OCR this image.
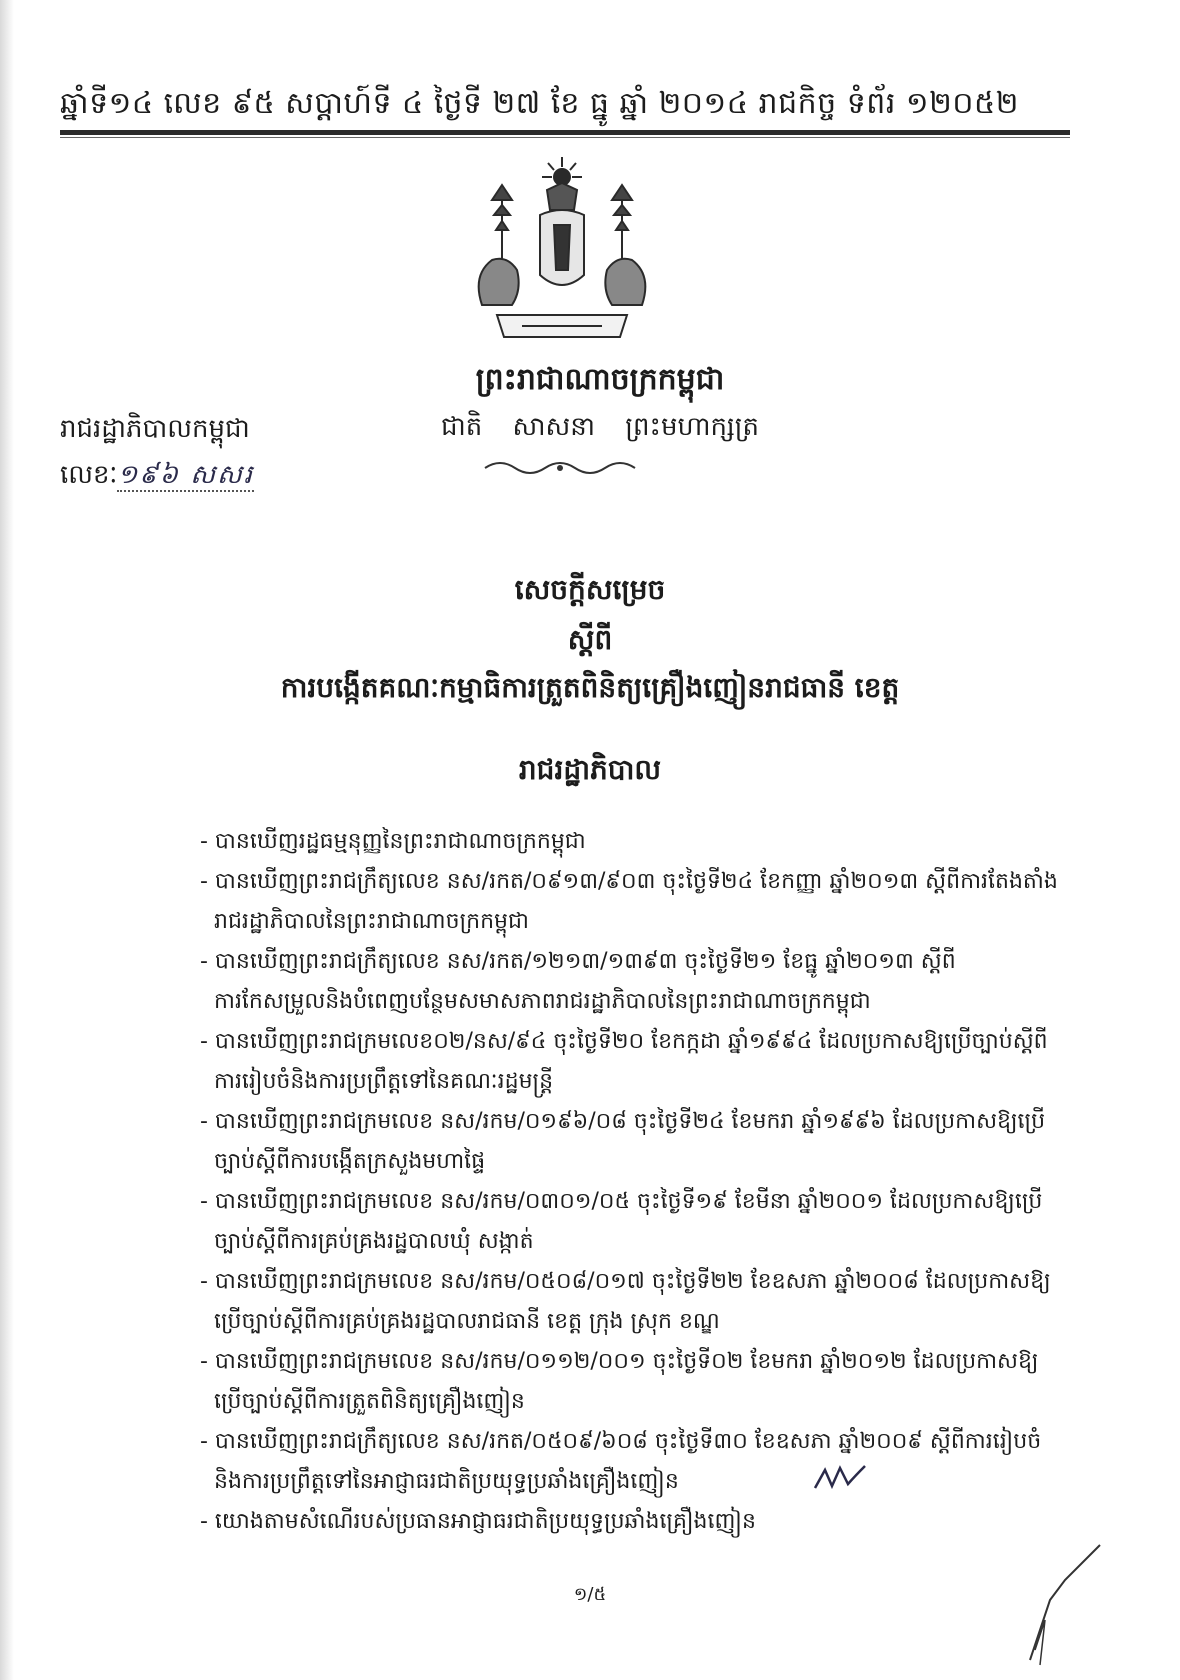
ឆ្នាំទី១៤ លេខ ៩៥ សប្តាហ៍ទី ៤ ថ្ងៃទី ២៧ ខែ ធ្នូ ឆ្នាំ ២០១៤ រាជកិច្ច ទំព័រ ១២០៥២
ព្រះរាជាណាចក្រកម្ពុជា
ជាតិ សាសនា ព្រះមហាក្សត្រ
រាជរដ្ឋាភិបាលកម្ពុជា
លេខៈ១៩៦ សសរ
សេចក្តីសម្រេច
ស្តីពី
ការបង្កើតគណៈកម្មាធិការត្រួតពិនិត្យគ្រឿងញៀនរាជធានី ខេត្ត
រាជរដ្ឋាភិបាល

- បានឃើញរដ្ឋធម្មនុញ្ញនៃព្រះរាជាណាចក្រកម្ពុជា

- បានឃើញព្រះរាជក្រឹត្យលេខ នស/រកត/០៩១៣/៩០៣ ចុះថ្ងៃទី២៤ ខែកញ្ញា ឆ្នាំ២០១៣ ស្តីពីការតែងតាំងរាជរដ្ឋាភិបាលនៃព្រះរាជាណាចក្រកម្ពុជា

- បានឃើញព្រះរាជក្រឹត្យលេខ នស/រកត/១២១៣/១៣៩៣ ចុះថ្ងៃទី២១ ខែធ្នូ ឆ្នាំ២០១៣ ស្តីពីការកែសម្រួលនិងបំពេញបន្ថែមសមាសភាពរាជរដ្ឋាភិបាលនៃព្រះរាជាណាចក្រកម្ពុជា

- បានឃើញព្រះរាជក្រមលេខ០២/នស/៩៤ ចុះថ្ងៃទី២០ ខែកក្កដា ឆ្នាំ១៩៩៤ ដែលប្រកាសឱ្យប្រើច្បាប់ស្តីពីការរៀបចំនិងការប្រព្រឹត្តទៅនៃគណៈរដ្ឋមន្ត្រី

- បានឃើញព្រះរាជក្រមលេខ នស/រកម/០១៩៦/០៨ ចុះថ្ងៃទី២៤ ខែមករា ឆ្នាំ១៩៩៦ ដែលប្រកាសឱ្យប្រើច្បាប់ស្តីពីការបង្កើតក្រសួងមហាផ្ទៃ

- បានឃើញព្រះរាជក្រមលេខ នស/រកម/០៣០១/០៥ ចុះថ្ងៃទី១៩ ខែមីនា ឆ្នាំ២០០១ ដែលប្រកាសឱ្យប្រើច្បាប់ស្តីពីការគ្រប់គ្រងរដ្ឋបាលឃុំ សង្កាត់

- បានឃើញព្រះរាជក្រមលេខ នស/រកម/០៥០៨/០១៧ ចុះថ្ងៃទី២២ ខែឧសភា ឆ្នាំ២០០៨ ដែលប្រកាសឱ្យប្រើច្បាប់ស្តីពីការគ្រប់គ្រងរដ្ឋបាលរាជធានី ខេត្ត ក្រុង ស្រុក ខណ្ឌ

- បានឃើញព្រះរាជក្រមលេខ នស/រកម/០១១២/០០១ ចុះថ្ងៃទី០២ ខែមករា ឆ្នាំ២០១២ ដែលប្រកាសឱ្យប្រើច្បាប់ស្តីពីការត្រួតពិនិត្យគ្រឿងញៀន

- បានឃើញព្រះរាជក្រឹត្យលេខ នស/រកត/០៥០៩/៦០៨ ចុះថ្ងៃទី៣០ ខែឧសភា ឆ្នាំ២០០៩ ស្តីពីការរៀបចំនិងការប្រព្រឹត្តទៅនៃអាជ្ញាធរជាតិប្រយុទ្ធប្រឆាំងគ្រឿងញៀន

- យោងតាមសំណើរបស់ប្រធានអាជ្ញាធរជាតិប្រយុទ្ធប្រឆាំងគ្រឿងញៀន

១/៥
